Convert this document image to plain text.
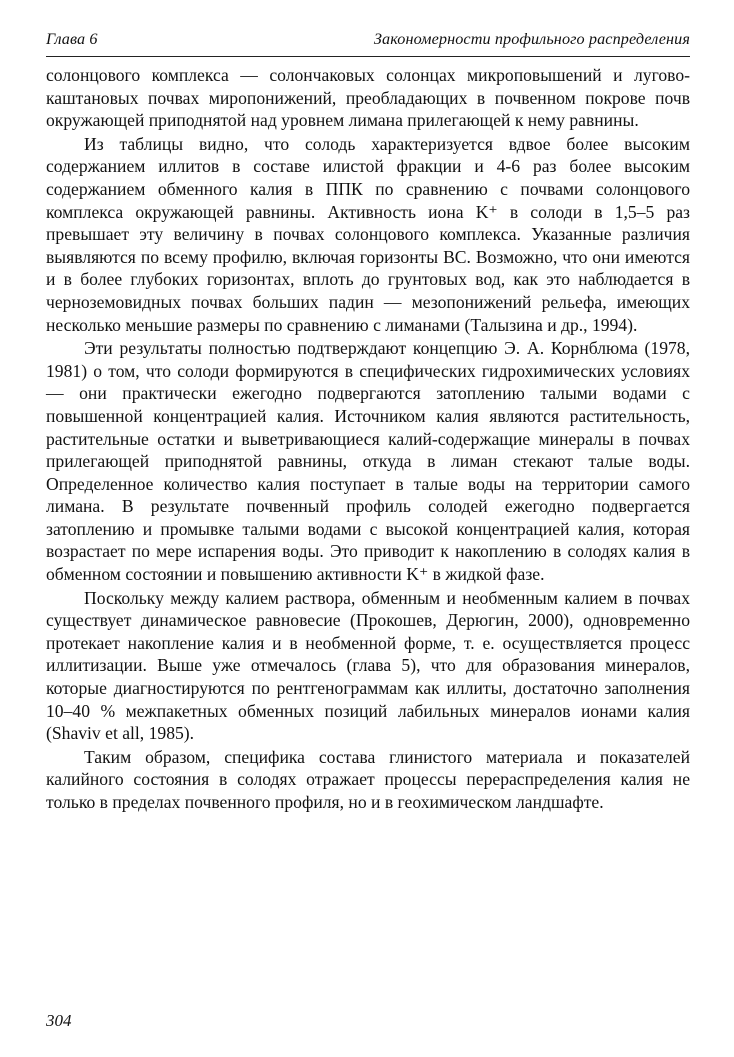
Глава 6	Закономерности профильного распределения

солонцового комплекса — солончаковых солонцах микроповышений и лугово-каштановых почвах миропонижений, преобладающих в почвенном покрове почв окружающей приподнятой над уровнем лимана прилегающей к нему равнины.

Из таблицы видно, что солодь характеризуется вдвое более высоким содержанием иллитов в составе илистой фракции и 4-6 раз более высоким содержанием обменного калия в ППК по сравнению с почвами солонцового комплекса окружающей равнины. Активность иона K⁺ в солоди в 1,5–5 раз превышает эту величину в почвах солонцового комплекса. Указанные различия выявляются по всему профилю, включая горизонты ВС. Возможно, что они имеются и в более глубоких горизонтах, вплоть до грунтовых вод, как это наблюдается в черноземовидных почвах больших падин — мезопонижений рельефа, имеющих несколько меньшие размеры по сравнению с лиманами (Талызина и др., 1994).

Эти результаты полностью подтверждают концепцию Э. А. Корнблюма (1978, 1981) о том, что солоди формируются в специфических гидрохимических условиях — они практически ежегодно подвергаются затоплению талыми водами с повышенной концентрацией калия. Источником калия являются растительность, растительные остатки и выветривающиеся калий-содержащие минералы в почвах прилегающей приподнятой равнины, откуда в лиман стекают талые воды. Определенное количество калия поступает в талые воды на территории самого лимана. В результате почвенный профиль солодей ежегодно подвергается затоплению и промывке талыми водами с высокой концентрацией калия, которая возрастает по мере испарения воды. Это приводит к накоплению в солодях калия в обменном состоянии и повышению активности K⁺ в жидкой фазе.

Поскольку между калием раствора, обменным и необменным калием в почвах существует динамическое равновесие (Прокошев, Дерюгин, 2000), одновременно протекает накопление калия и в необменной форме, т. е. осуществляется процесс иллитизации. Выше уже отмечалось (глава 5), что для образования минералов, которые диагностируются по рентгенограммам как иллиты, достаточно заполнения 10–40 % межпакетных обменных позиций лабильных минералов ионами калия (Shaviv et all, 1985).

Таким образом, специфика состава глинистого материала и показателей калийного состояния в солодях отражает процессы перераспределения калия не только в пределах почвенного профиля, но и в геохимическом ландшафте.

304
